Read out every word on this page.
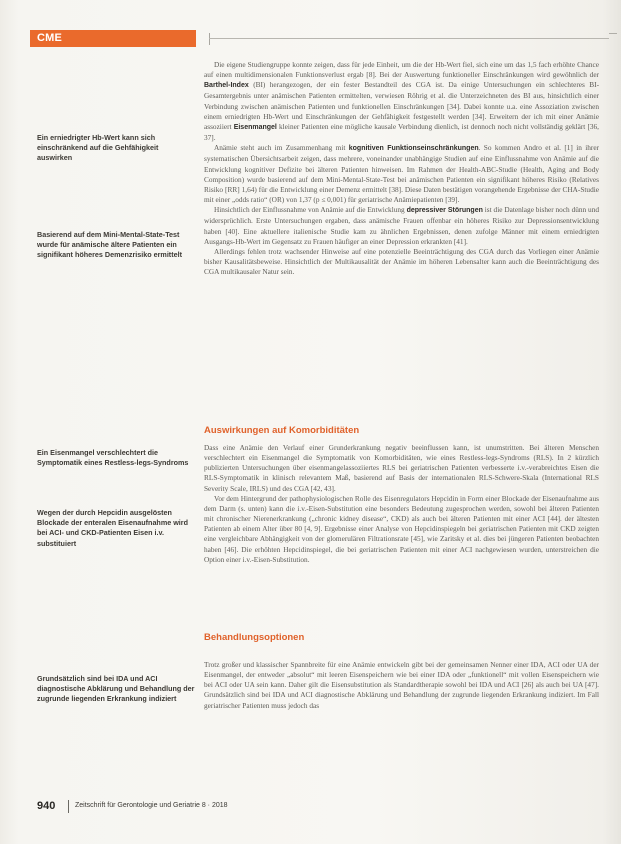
CME
Ein erniedrigter Hb-Wert kann sich einschränkend auf die Gehfähigkeit auswirken
Basierend auf dem Mini-Mental-State-Test wurde für anämische ältere Patienten ein signifikant höheres Demenzrisiko ermittelt
Ein Eisenmangel verschlechtert die Symptomatik eines Restless-legs-Syndroms
Wegen der durch Hepcidin ausgelösten Blockade der enteralen Eisenaufnahme wird bei ACI- und CKD-Patienten Eisen i.v. substituiert
Grundsätzlich sind bei IDA und ACI diagnostische Abklärung und Behandlung der zugrunde liegenden Erkrankung indiziert

Die eigene Studiengruppe konnte zeigen, dass für jede Einheit, um die der Hb-Wert fiel, sich eine um das 1,5 fach erhöhte Chance auf einen multidimensionalen Funktionsverlust ergab [8]. Bei der Auswertung funktioneller Einschränkungen wird gewöhnlich der Barthel-Index (BI) herangezogen, der ein fester Bestandteil des CGA ist. Da einige Untersuchungen ein schlechteres BI-Gesamtergebnis unter anämischen Patienten ermittelten, verwiesen Röhrig et al. die Unterzeichneten des BI aus, hinsichtlich einer Verbindung zwischen anämischen Patienten und funktionellen Einschränkungen [34]. Dabei konnte u.a. eine Assoziation zwischen einem erniedrigten Hb-Wert und Einschränkungen der Gehfähigkeit festgestellt werden [34]. Erweitern der ich mit einer Anämie assoziiert Eisenmangel kleiner Patienten eine mögliche kausale Verbindung dienlich, ist dennoch noch nicht vollständig geklärt [36, 37].

Anämie steht auch im Zusammenhang mit kognitiven Funktionseinschränkungen. So kommen Andro et al. [1] in ihrer systematischen Übersichtsarbeit zeigen, dass mehrere, voneinander unabhängige Studien auf eine Einflussnahme von Anämie auf die Entwicklung kognitiver Defizite bei älteren Patienten hinweisen. Im Rahmen der Health-ABC-Studie (Health, Aging and Body Composition) wurde basierend auf dem Mini-Mental-State-Test bei anämischen Patienten ein signifikant höheres Risiko (Relatives Risiko [RR] 1,64) für die Entwicklung einer Demenz ermittelt [38]. Diese Daten bestätigen vorangehende Ergebnisse der CHA-Studie mit einer „odds ratio“ (OR) von 1,37 (p ≤ 0,001) für geriatrische Anämiepatienten [39].

Hinsichtlich der Einflussnahme von Anämie auf die Entwicklung depressiver Störungen ist die Datenlage bisher noch dünn und widersprüchlich. Erste Untersuchungen ergaben, dass anämische Frauen offenbar ein höheres Risiko zur Depressionsentwicklung haben [40]. Eine aktuellere italienische Studie kam zu ähnlichen Ergebnissen, denen zufolge Männer mit einem erniedrigten Ausgangs-Hb-Wert im Gegensatz zu Frauen häufiger an einer Depression erkrankten [41].

Allerdings fehlen trotz wachsender Hinweise auf eine potenzielle Beeinträchtigung des CGA durch das Vorliegen einer Anämie bisher Kausalitätsbeweise. Hinsichtlich der Multikausalität der Anämie im höheren Lebensalter kann auch die Beeinträchtigung des CGA multikausaler Natur sein.

Auswirkungen auf Komorbiditäten

Dass eine Anämie den Verlauf einer Grunderkrankung negativ beeinflussen kann, ist unumstritten. Bei älteren Menschen verschlechtert ein Eisenmangel die Symptomatik von Komorbiditäten, wie eines Restless-legs-Syndroms (RLS). In 2 kürzlich publizierten Untersuchungen über eisenmangelassoziiertes RLS bei geriatrischen Patienten verbesserte i.v.-verabreichtes Eisen die RLS-Symptomatik in klinisch relevantem Maß, basierend auf Basis der internationalen RLS-Schwere-Skala (International RLS Severity Scale, IRLS) und des CGA [42, 43].

Vor dem Hintergrund der pathophysiologischen Rolle des Eisenregulators Hepcidin in Form einer Blockade der Eisenaufnahme aus dem Darm (s. unten) kann die i.v.-Eisen-Substitution eine besonders Bedeutung zugesprochen werden, sowohl bei älteren Patienten mit chronischer Nierenerkrankung („chronic kidney disease“, CKD) als auch bei älteren Patienten mit einer ACI [44]. der ältesten Patienten ab einem Alter über 80 [4, 9]. Ergebnisse einer Analyse von Hepcidinspiegeln bei geriatrischen Patienten mit CKD zeigten eine vergleichbare Abhängigkeit von der glomerulären Filtrationsrate [45], wie Zaritsky et al. dies bei jüngeren Patienten beobachten haben [46]. Die erhöhten Hepcidinspiegel, die bei geriatrischen Patienten mit einer ACI nachgewiesen wurden, unterstreichen die Option einer i.v.-Eisen-Substitution.

Behandlungsoptionen

Trotz großer und klassischer Spannbreite für eine Anämie entwickeln gibt bei der gemeinsamen Nenner einer IDA, ACI oder UA der Eisenmangel, der entweder „absolut“ mit leeren Eisenspeichern wie bei einer IDA oder „funktionell“ mit vollen Eisenspeichern wie bei ACI oder UA sein kann. Daher gilt die Eisensubstitution als Standardtherapie sowohl bei IDA und ACI [26] als auch bei UA [47]. Grundsätzlich sind bei IDA und ACI diagnostische Abklärung und Behandlung der zugrunde liegenden Erkrankung indiziert. Im Fall geriatrischer Patienten muss jedoch das

940	Zeitschrift für Gerontologie und Geriatrie 8 · 2018
